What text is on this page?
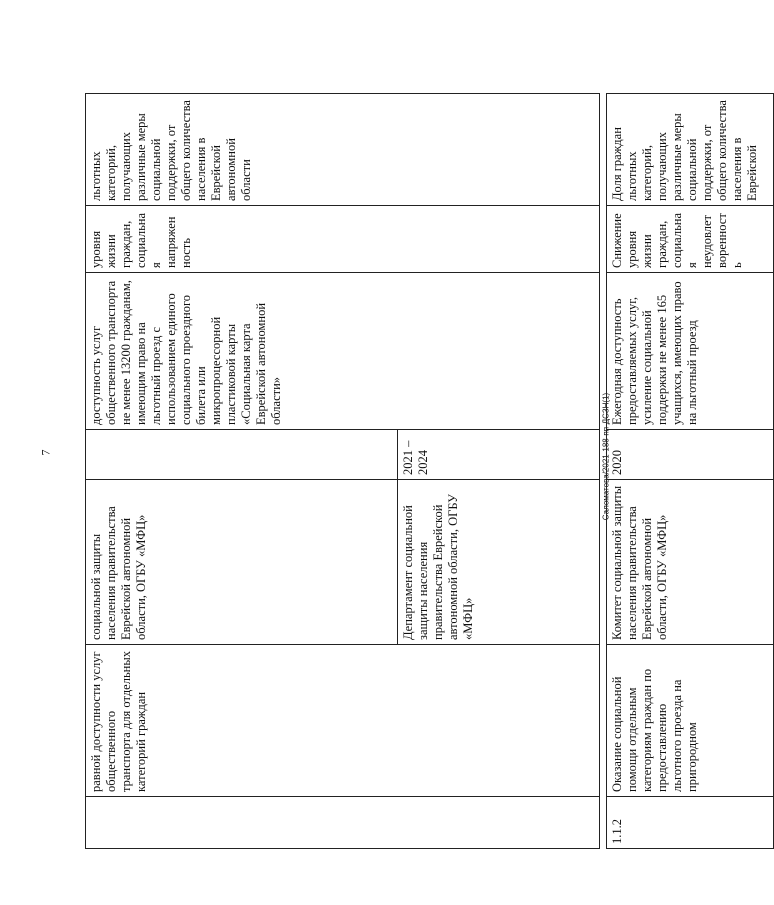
7	Саломатова/2021-188-пп-ДСЗН(1)
	равной доступности услуг общественного транспорта для отдельных категорий граждан	социальной защиты населения правительства Еврейской автономной области, ОГБУ «МФЦ»		доступность услуг общественного транспорта не менее 13200 гражданам, имеющим право на льготный проезд с использованием единого социального проездного билета или микропроцессорной пластиковой карты «Социальная карта Еврейской автономной области»	уровня жизни граждан, социальная напряженность	льготных категорий, получающих различные меры социальной поддержки, от общего количества населения в Еврейской автономной области
		Департамент социальной защиты населения правительства Еврейской автономной области, ОГБУ «МФЦ»	2021 – 2024			

1.1.2	Оказание социальной помощи отдельным категориям граждан по предоставлению льготного проезда на пригородном	Комитет социальной защиты населения правительства Еврейской автономной области, ОГБУ «МФЦ»	2020	Ежегодная доступность предоставляемых услуг, усиление социальной поддержки не менее 165 учащихся, имеющих право на льготный проезд	Снижение уровня жизни граждан, социальная неудовлетворенность	Доля граждан льготных категорий, получающих различные меры социальной поддержки, от общего количества населения в Еврейской
